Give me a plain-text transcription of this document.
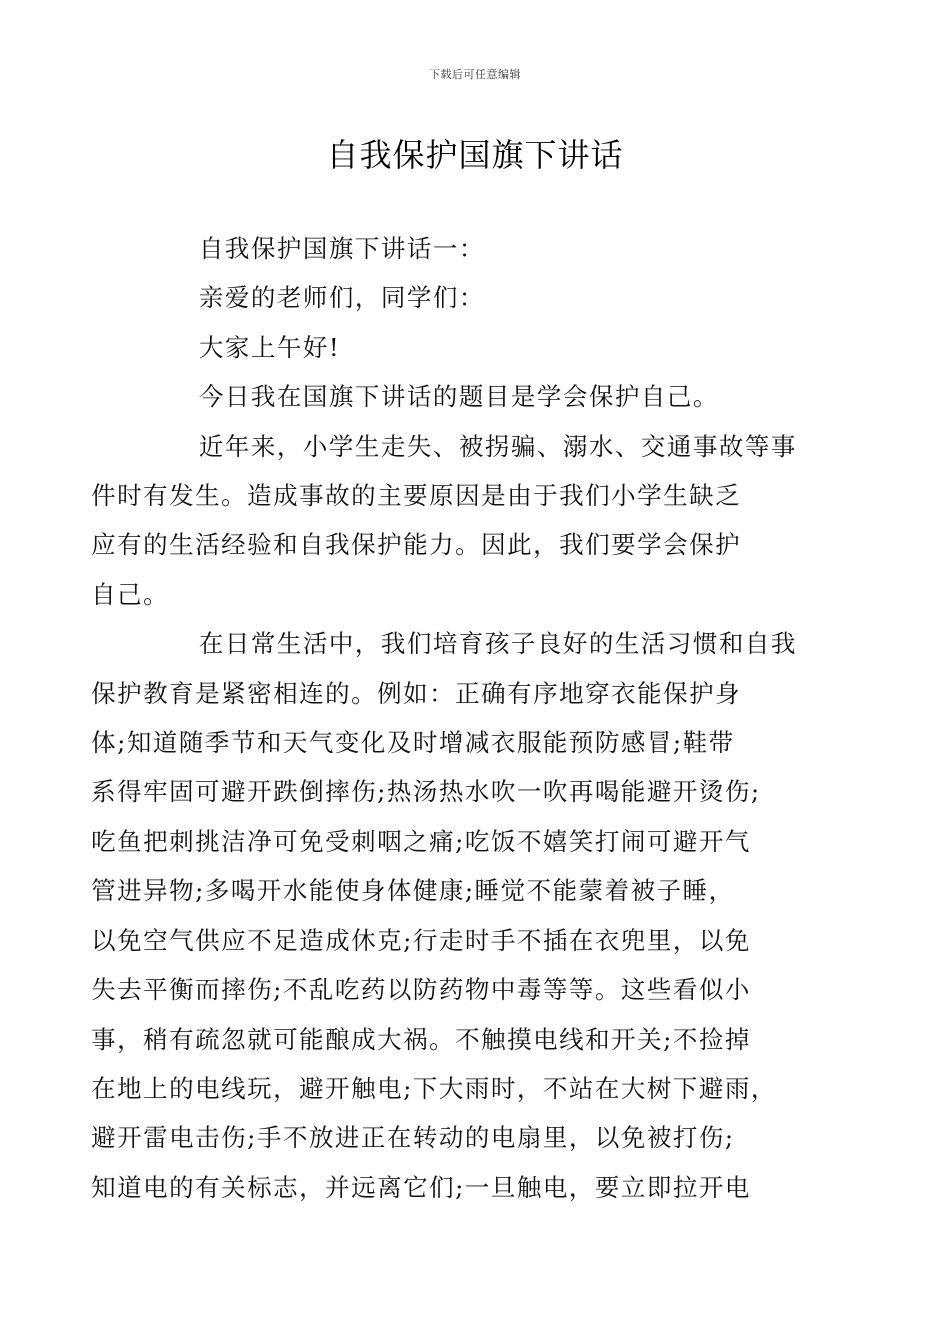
下载后可任意编辑
自我保护国旗下讲话

自我保护国旗下讲话一：

亲爱的老师们，同学们：

大家上午好!

今日我在国旗下讲话的题目是学会保护自己。

近年来，小学生走失、被拐骗、溺水、交通事故等事
件时有发生。造成事故的主要原因是由于我们小学生缺乏
应有的生活经验和自我保护能力。因此，我们要学会保护
自己。

在日常生活中，我们培育孩子良好的生活习惯和自我
保护教育是紧密相连的。例如：正确有序地穿衣能保护身
体;知道随季节和天气变化及时增减衣服能预防感冒;鞋带
系得牢固可避开跌倒摔伤;热汤热水吹一吹再喝能避开烫伤;
吃鱼把刺挑洁净可免受刺咽之痛;吃饭不嬉笑打闹可避开气
管进异物;多喝开水能使身体健康;睡觉不能蒙着被子睡，
以免空气供应不足造成休克;行走时手不插在衣兜里，以免
失去平衡而摔伤;不乱吃药以防药物中毒等等。这些看似小
事，稍有疏忽就可能酿成大祸。不触摸电线和开关;不捡掉
在地上的电线玩，避开触电;下大雨时，不站在大树下避雨，
避开雷电击伤;手不放进正在转动的电扇里，以免被打伤;
知道电的有关标志，并远离它们;一旦触电，要立即拉开电
